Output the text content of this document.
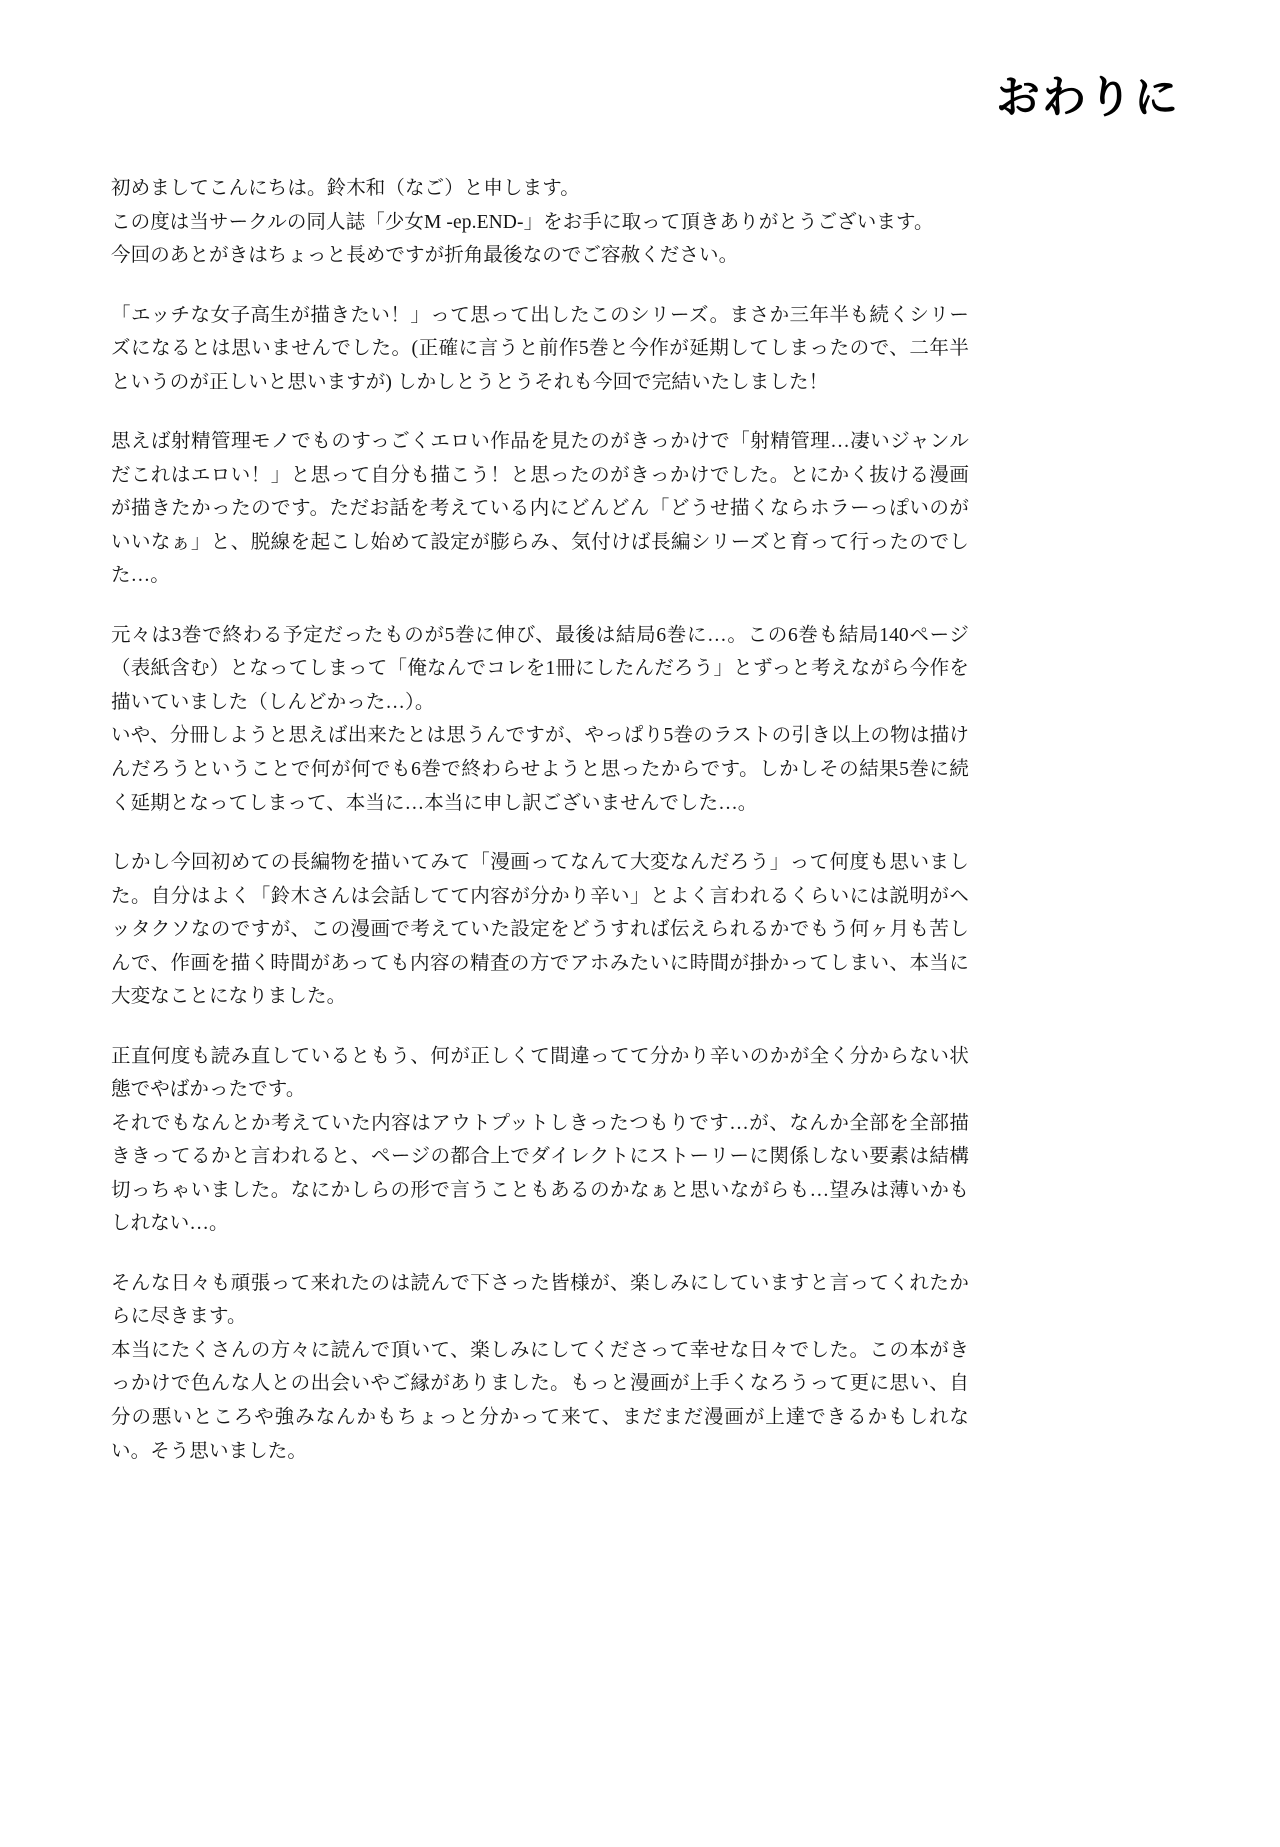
おわりに

初めましてこんにちは。鈴木和（なご）と申します。
この度は当サークルの同人誌「少女M -ep.END-」をお手に取って頂きありがとうございます。
今回のあとがきはちょっと長めですが折角最後なのでご容赦ください。

「エッチな女子高生が描きたい！」って思って出したこのシリーズ。まさか三年半も続くシリーズになるとは思いませんでした。(正確に言うと前作5巻と今作が延期してしまったので、二年半というのが正しいと思いますが) しかしとうとうそれも今回で完結いたしました！

思えば射精管理モノでものすっごくエロい作品を見たのがきっかけで「射精管理…凄いジャンルだこれはエロい！」と思って自分も描こう！と思ったのがきっかけでした。とにかく抜ける漫画が描きたかったのです。ただお話を考えている内にどんどん「どうせ描くならホラーっぽいのがいいなぁ」と、脱線を起こし始めて設定が膨らみ、気付けば長編シリーズと育って行ったのでした…。

元々は3巻で終わる予定だったものが5巻に伸び、最後は結局6巻に…。この6巻も結局140ページ（表紙含む）となってしまって「俺なんでコレを1冊にしたんだろう」とずっと考えながら今作を描いていました（しんどかった…）。
いや、分冊しようと思えば出来たとは思うんですが、やっぱり5巻のラストの引き以上の物は描けんだろうということで何が何でも6巻で終わらせようと思ったからです。しかしその結果5巻に続く延期となってしまって、本当に…本当に申し訳ございませんでした…。

しかし今回初めての長編物を描いてみて「漫画ってなんて大変なんだろう」って何度も思いました。自分はよく「鈴木さんは会話してて内容が分かり辛い」とよく言われるくらいには説明がヘッタクソなのですが、この漫画で考えていた設定をどうすれば伝えられるかでもう何ヶ月も苦しんで、作画を描く時間があっても内容の精査の方でアホみたいに時間が掛かってしまい、本当に大変なことになりました。

正直何度も読み直しているともう、何が正しくて間違ってて分かり辛いのかが全く分からない状態でやばかったです。
それでもなんとか考えていた内容はアウトプットしきったつもりです…が、なんか全部を全部描ききってるかと言われると、ページの都合上でダイレクトにストーリーに関係しない要素は結構切っちゃいました。なにかしらの形で言うこともあるのかなぁと思いながらも…望みは薄いかもしれない…。

そんな日々も頑張って来れたのは読んで下さった皆様が、楽しみにしていますと言ってくれたからに尽きます。
本当にたくさんの方々に読んで頂いて、楽しみにしてくださって幸せな日々でした。この本がきっかけで色んな人との出会いやご縁がありました。もっと漫画が上手くなろうって更に思い、自分の悪いところや強みなんかもちょっと分かって来て、まだまだ漫画が上達できるかもしれない。そう思いました。
